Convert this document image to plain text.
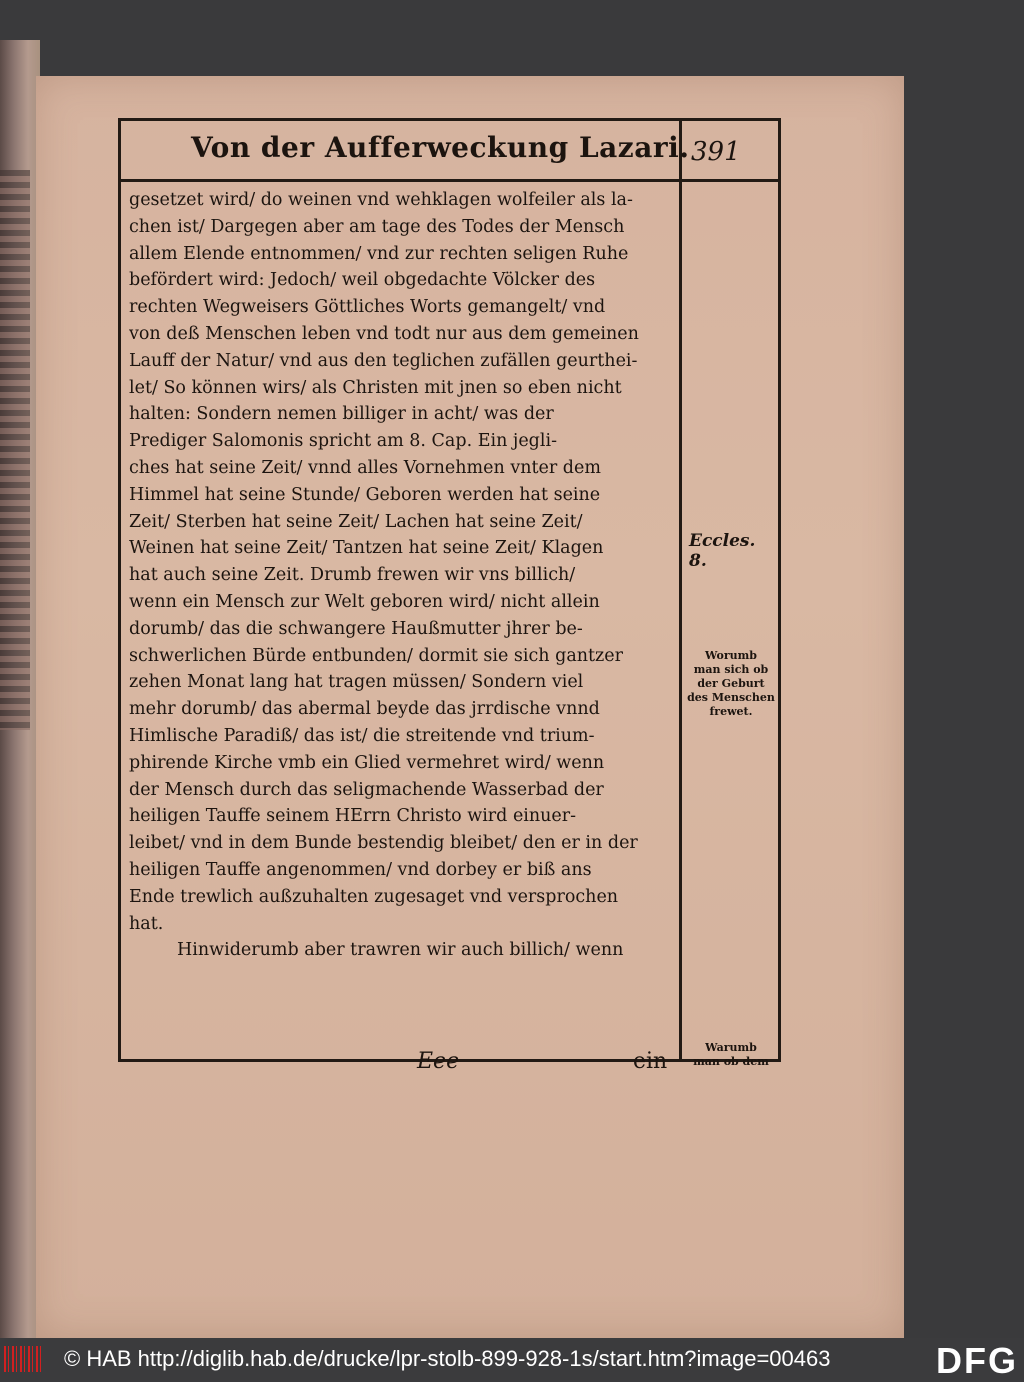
Von der Aufferweckung Lazari. 391
gesetzet wird/ do weinen vnd wehklagen wolfeiler als la-
chen ist/ Dargegen aber am tage des Todes der Mensch
allem Elende entnommen/ vnd zur rechten seligen Ruhe
befördert wird: Jedoch/ weil obgedachte Völcker des
rechten Wegweisers Göttliches Worts gemangelt/ vnd
von deß Menschen leben vnd todt nur aus dem gemeinen
Lauff der Natur/ vnd aus den teglichen zufällen geurthei-
let/ So können wirs/ als Christen mit jnen so eben nicht
halten: Sondern nemen billiger in acht/ was der
Prediger Salomonis spricht am 8. Cap. Ein jegli-
ches hat seine Zeit/ vnnd alles Vornehmen vnter dem
Himmel hat seine Stunde/ Geboren werden hat seine
Zeit/ Sterben hat seine Zeit/ Lachen hat seine Zeit/
Weinen hat seine Zeit/ Tantzen hat seine Zeit/ Klagen
hat auch seine Zeit. Drumb frewen wir vns billich/
wenn ein Mensch zur Welt geboren wird/ nicht allein
dorumb/ das die schwangere Haußmutter jhrer be-
schwerlichen Bürde entbunden/ dormit sie sich gantzer
zehen Monat lang hat tragen müssen/ Sondern viel
mehr dorumb/ das abermal beyde das jrrdische vnnd
Himlische Paradiß/ das ist/ die streitende vnd trium-
phirende Kirche vmb ein Glied vermehret wird/ wenn
der Mensch durch das seligmachende Wasserbad der
heiligen Tauffe seinem HErrn Christo wird einuer-
leibet/ vnd in dem Bunde bestendig bleibet/ den er in der
heiligen Tauffe angenommen/ vnd dorbey er biß ans
Ende trewlich außzuhalten zugesaget vnd versprochen
hat.
Hinwiderumb aber trawren wir auch billich/ wenn
Eccles. 8.
Worumb
man sich ob
der Geburt
des Menschen
frewet.
Warumb
man ob dem
Eee	ein
© HAB http://diglib.hab.de/drucke/lpr-stolb-899-928-1s/start.htm?image=00463	DFG
